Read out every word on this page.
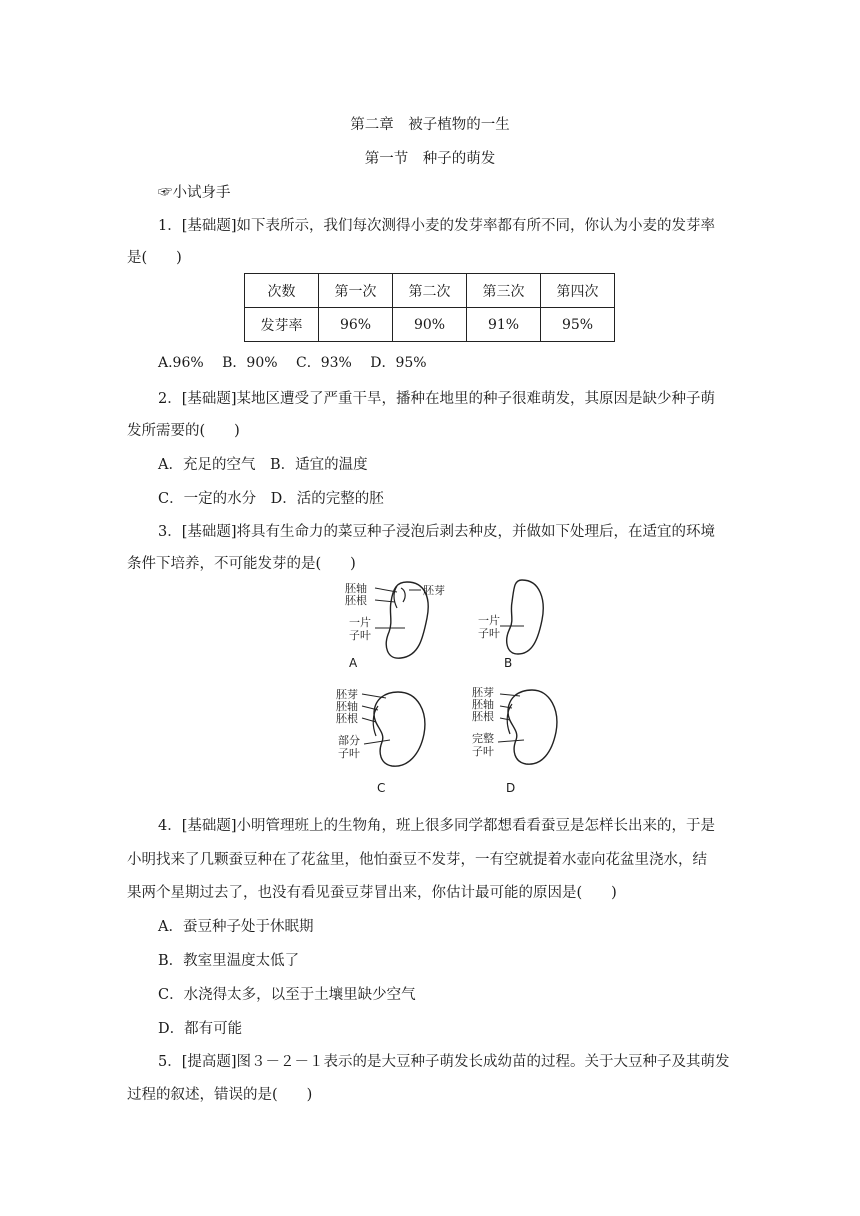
第二章　被子植物的一生
第一节　种子的萌发
☞小试身手
1．[基础题]如下表所示，我们每次测得小麦的发芽率都有所不同，你认为小麦的发芽率
是(　　)
次数	第一次	第二次	第三次	第四次
发芽率	96%	90%	91%	95%
A.96%　 B．90%　 C．93%　 D．95%
2．[基础题]某地区遭受了严重干旱，播种在地里的种子很难萌发，其原因是缺少种子萌
发所需要的(　　)
A．充足的空气　B．适宜的温度
C．一定的水分　D．活的完整的胚
3．[基础题]将具有生命力的菜豆种子浸泡后剥去种皮，并做如下处理后，在适宜的环境
条件下培养，不可能发芽的是(　　)
胚轴
胚根
胚芽
一片
子叶
A
一片
子叶
B
胚芽
胚轴
胚根
部分
子叶
C
胚芽
胚轴
胚根
完整
子叶
D
4．[基础题]小明管理班上的生物角，班上很多同学都想看看蚕豆是怎样长出来的，于是
小明找来了几颗蚕豆种在了花盆里，他怕蚕豆不发芽，一有空就提着水壶向花盆里浇水，结
果两个星期过去了，也没有看见蚕豆芽冒出来，你估计最可能的原因是(　　)
A．蚕豆种子处于休眠期
B．教室里温度太低了
C．水浇得太多，以至于土壤里缺少空气
D．都有可能
5．[提高题]图３－２－１表示的是大豆种子萌发长成幼苗的过程。关于大豆种子及其萌发
过程的叙述，错误的是(　　)
